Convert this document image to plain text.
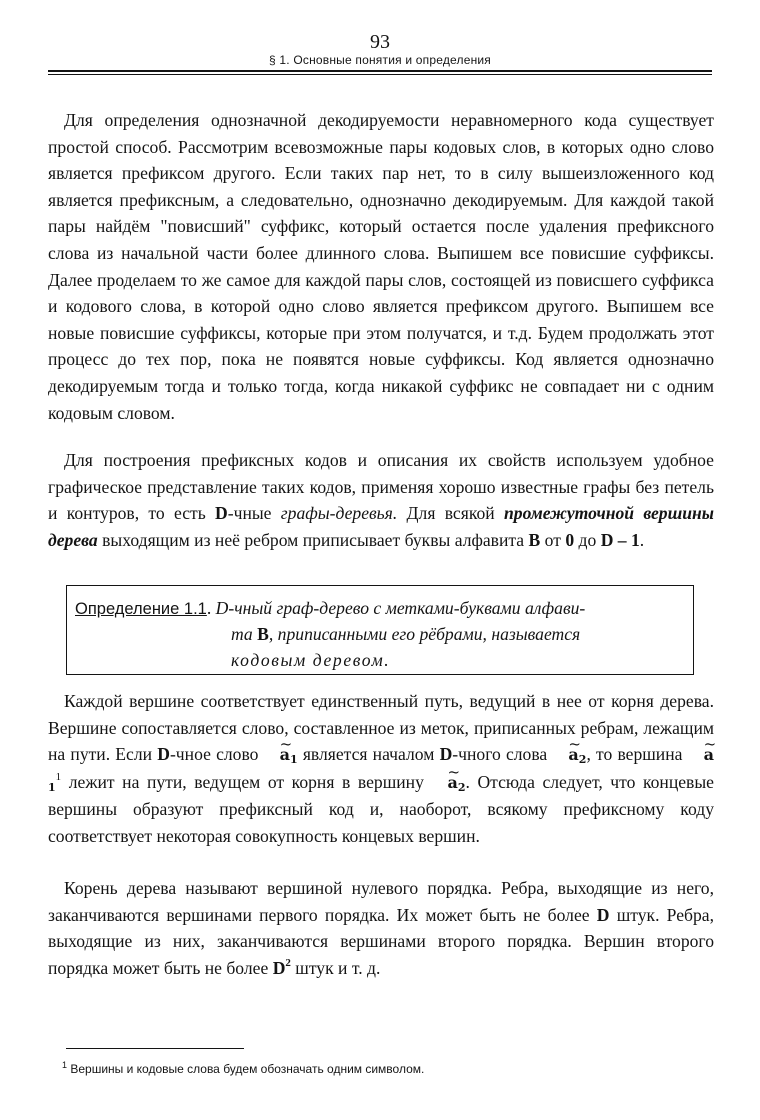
93
§ 1. Основные понятия и определения

Для определения однозначной декодируемости неравномерного кода существует простой способ. Рассмотрим всевозможные пары кодовых слов, в которых одно слово является префиксом другого. Если таких пар нет, то в силу вышеизложенного код является префиксным, а следовательно, однозначно декодируемым. Для каждой такой пары найдём "повисший" суффикс, который остается после удаления префиксного слова из начальной части более длинного слова. Выпишем все повисшие суффиксы. Далее проделаем то же самое для каждой пары слов, состоящей из повисшего суффикса и кодового слова, в которой одно слово является префиксом другого. Выпишем все новые повисшие суффиксы, которые при этом получатся, и т.д. Будем продолжать этот процесс до тех пор, пока не появятся новые суффиксы. Код является однозначно декодируемым тогда и только тогда, когда никакой суффикс не совпадает ни с одним кодовым словом.

Для построения префиксных кодов и описания их свойств используем удобное графическое представление таких кодов, применяя хорошо известные графы без петель и контуров, то есть D-чные графы-деревья. Для всякой промежуточной вершины дерева выходящим из неё ребром приписывает буквы алфавита B от 0 до D – 1.

Определение 1.1. D-чный граф-дерево с метками-буквами алфави-
та B, приписанными его рёбрами, называется
кодовым деревом.

Каждой вершине соответствует единственный путь, ведущий в нее от корня дерева. Вершине сопоставляется слово, составленное из меток, приписанных ребрам, лежащим на пути. Если D-чное слово ~ $a_1$ является началом D-чного слова ~ $a_2$, то вершина ~ $a_1^1$ лежит на пути, ведущем от корня в вершину ~ $a_2$. Отсюда следует, что концевые вершины образуют префиксный код и, наоборот, всякому префиксному коду соответствует некоторая совокупность концевых вершин.

Корень дерева называют вершиной нулевого порядка. Ребра, выходящие из него, заканчиваются вершинами первого порядка. Их может быть не более D штук. Ребра, выходящие из них, заканчиваются вершинами второго порядка. Вершин второго порядка может быть не более $D^2$ штук и т. д.

$^1$ Вершины и кодовые слова будем обозначать одним символом.
